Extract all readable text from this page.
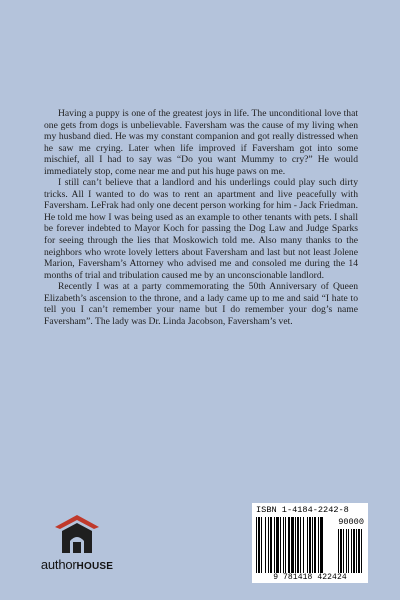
Having a puppy is one of the greatest joys in life. The unconditional love that one gets from dogs is unbelievable. Faversham was the cause of my living when my husband died. He was my constant companion and got really distressed when he saw me crying. Later when life improved if Faversham got into some mischief, all I had to say was “Do you want Mummy to cry?” He would immediately stop, come near me and put his huge paws on me.

I still can’t believe that a landlord and his underlings could play such dirty tricks. All I wanted to do was to rent an apartment and live peacefully with Faversham. LeFrak had only one decent person working for him - Jack Friedman. He told me how I was being used as an example to other tenants with pets. I shall be forever indebted to Mayor Koch for passing the Dog Law and Judge Sparks for seeing through the lies that Moskowich told me. Also many thanks to the neighbors who wrote lovely letters about Faversham and last but not least Jolene Marion, Faversham’s Attorney who advised me and consoled me during the 14 months of trial and tribulation caused me by an unconscionable landlord.

Recently I was at a party commemorating the 50th Anniversary of Queen Elizabeth’s ascension to the throne, and a lady came up to me and said “I hate to tell you I can’t remember your name but I do remember your dog’s name Faversham”. The lady was Dr. Linda Jacobson, Faversham’s vet.

authorHOUSE
ISBN 1-4184-2242-8
90000
9 781418 422424
